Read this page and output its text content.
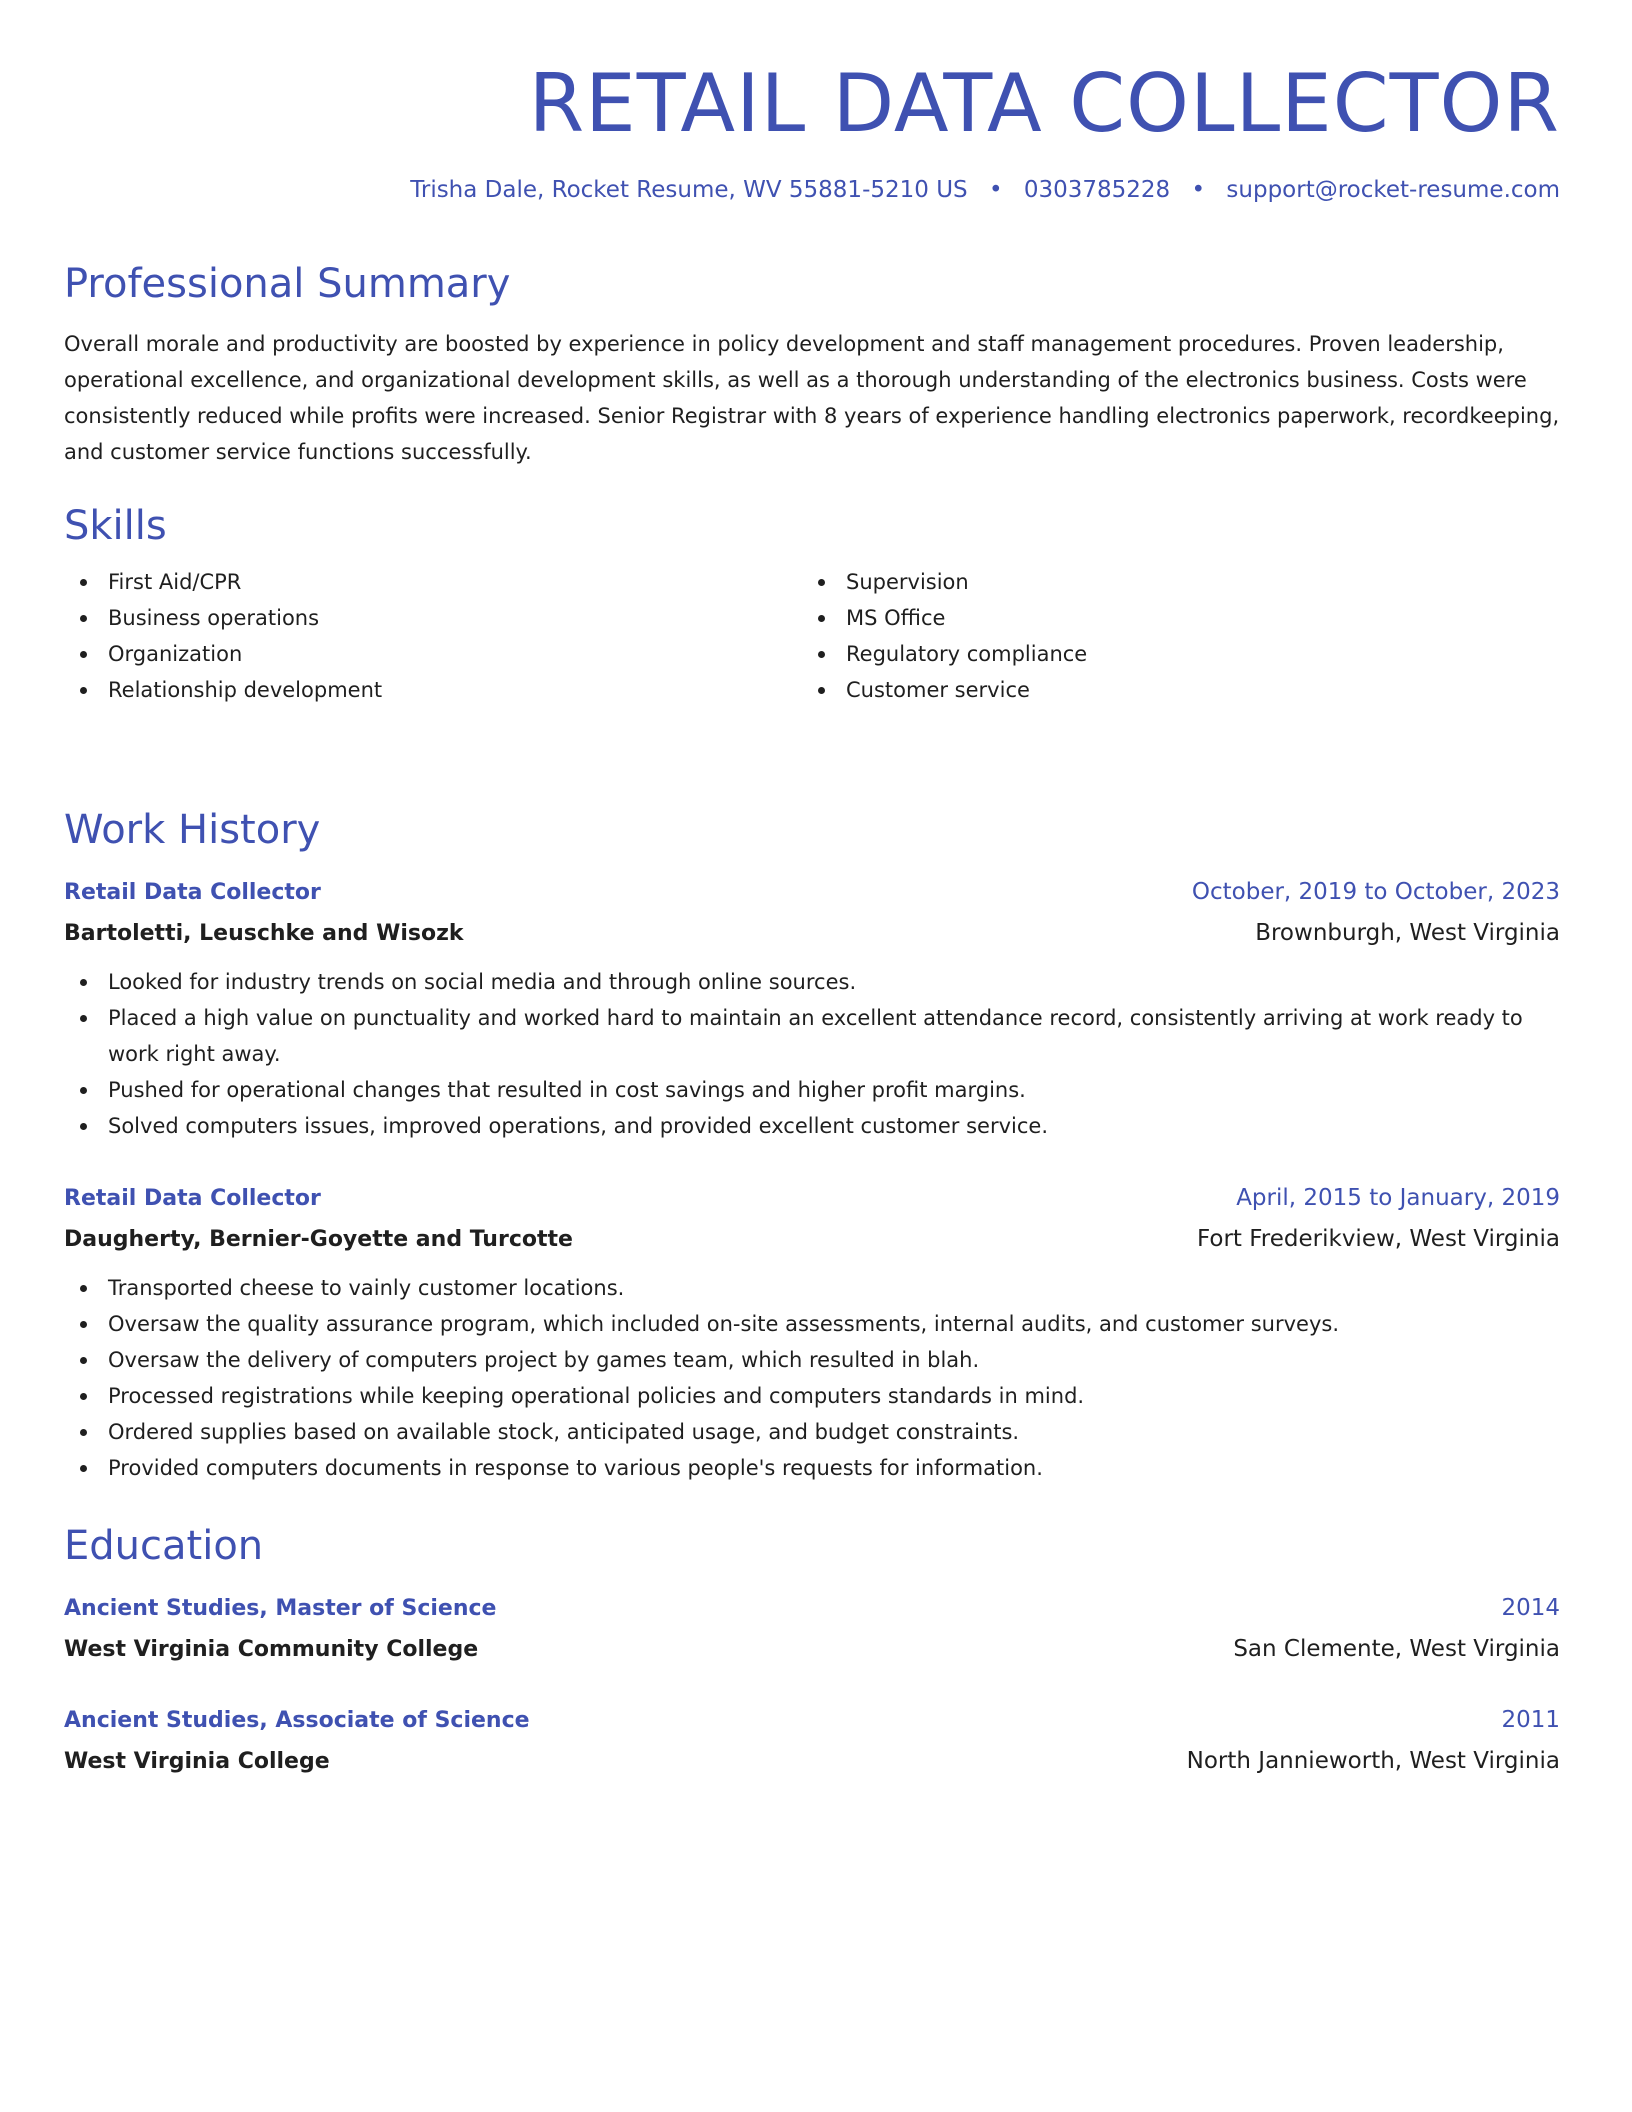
RETAIL DATA COLLECTOR
Trisha Dale, Rocket Resume, WV 55881-5210 US • 0303785228 • support@rocket-resume.com
Professional Summary

Overall morale and productivity are boosted by experience in policy development and staff management procedures. Proven leadership, operational excellence, and organizational development skills, as well as a thorough understanding of the electronics business. Costs were consistently reduced while profits were increased. Senior Registrar with 8 years of experience handling electronics paperwork, recordkeeping, and customer service functions successfully.

Skills
First Aid/CPR
Business operations
Organization
Relationship development
Supervision
MS Office
Regulatory compliance
Customer service
Work History
Retail Data Collector	October, 2019 to October, 2023
Bartoletti, Leuschke and Wisozk	Brownburgh, West Virginia
Looked for industry trends on social media and through online sources.
Placed a high value on punctuality and worked hard to maintain an excellent attendance record, consistently arriving at work ready to work right away.
Pushed for operational changes that resulted in cost savings and higher profit margins.
Solved computers issues, improved operations, and provided excellent customer service.
Retail Data Collector	April, 2015 to January, 2019
Daugherty, Bernier-Goyette and Turcotte	Fort Frederikview, West Virginia
Transported cheese to vainly customer locations.
Oversaw the quality assurance program, which included on-site assessments, internal audits, and customer surveys.
Oversaw the delivery of computers project by games team, which resulted in blah.
Processed registrations while keeping operational policies and computers standards in mind.
Ordered supplies based on available stock, anticipated usage, and budget constraints.
Provided computers documents in response to various people's requests for information.
Education
Ancient Studies, Master of Science	2014
West Virginia Community College	San Clemente, West Virginia
Ancient Studies, Associate of Science	2011
West Virginia College	North Jannieworth, West Virginia
